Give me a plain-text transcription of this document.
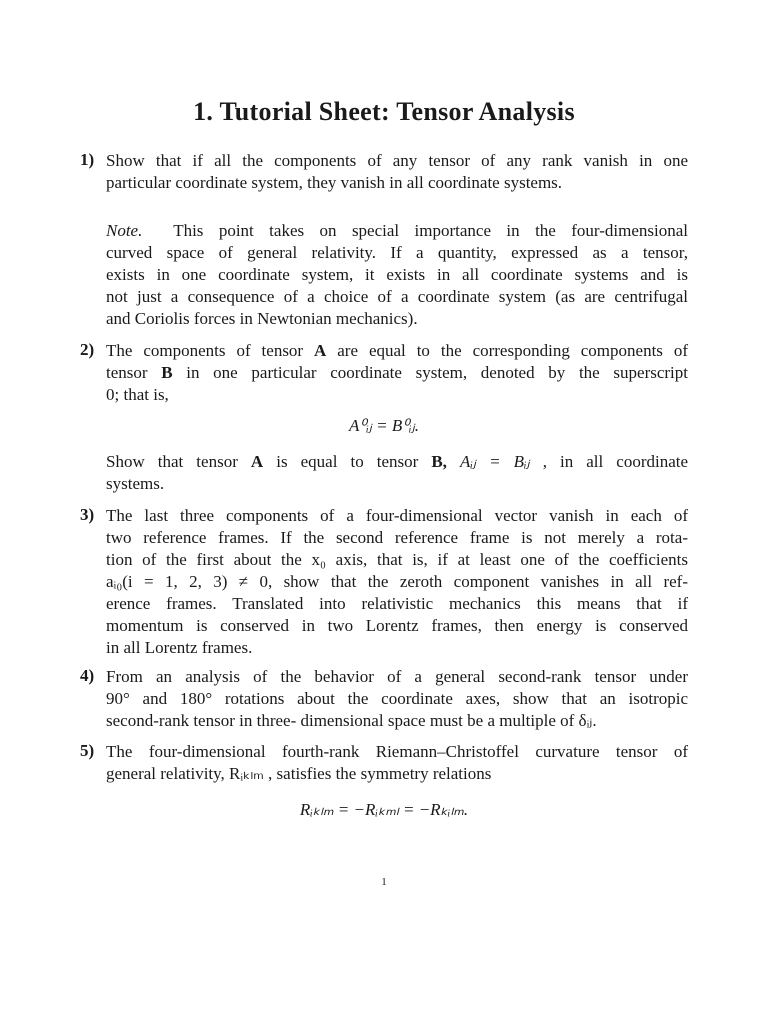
1. Tutorial Sheet: Tensor Analysis
1) Show that if all the components of any tensor of any rank vanish in one
particular coordinate system, they vanish in all coordinate systems.
Note. This point takes on special importance in the four-dimensional
curved space of general relativity. If a quantity, expressed as a tensor,
exists in one coordinate system, it exists in all coordinate systems and is
not just a consequence of a choice of a coordinate system (as are centrifugal
and Coriolis forces in Newtonian mechanics).
2) The components of tensor A are equal to the corresponding components of
tensor B in one particular coordinate system, denoted by the superscript
0; that is,
A⁰ᵢⱼ = B⁰ᵢⱼ.
Show that tensor A is equal to tensor B, Aᵢⱼ = Bᵢⱼ , in all coordinate
systems.
3) The last three components of a four-dimensional vector vanish in each of
two reference frames. If the second reference frame is not merely a rota-
tion of the first about the x₀ axis, that is, if at least one of the coefficients
aᵢ₀(i = 1, 2, 3) ≠ 0, show that the zeroth component vanishes in all ref-
erence frames. Translated into relativistic mechanics this means that if
momentum is conserved in two Lorentz frames, then energy is conserved
in all Lorentz frames.
4) From an analysis of the behavior of a general second-rank tensor under
90° and 180° rotations about the coordinate axes, show that an isotropic
second-rank tensor in three- dimensional space must be a multiple of δᵢⱼ.
5) The four-dimensional fourth-rank Riemann–Christoffel curvature tensor of
general relativity, Rᵢₖₗₘ , satisfies the symmetry relations
Rᵢₖₗₘ = −Rᵢₖₘₗ = −Rₖᵢₗₘ.
1
